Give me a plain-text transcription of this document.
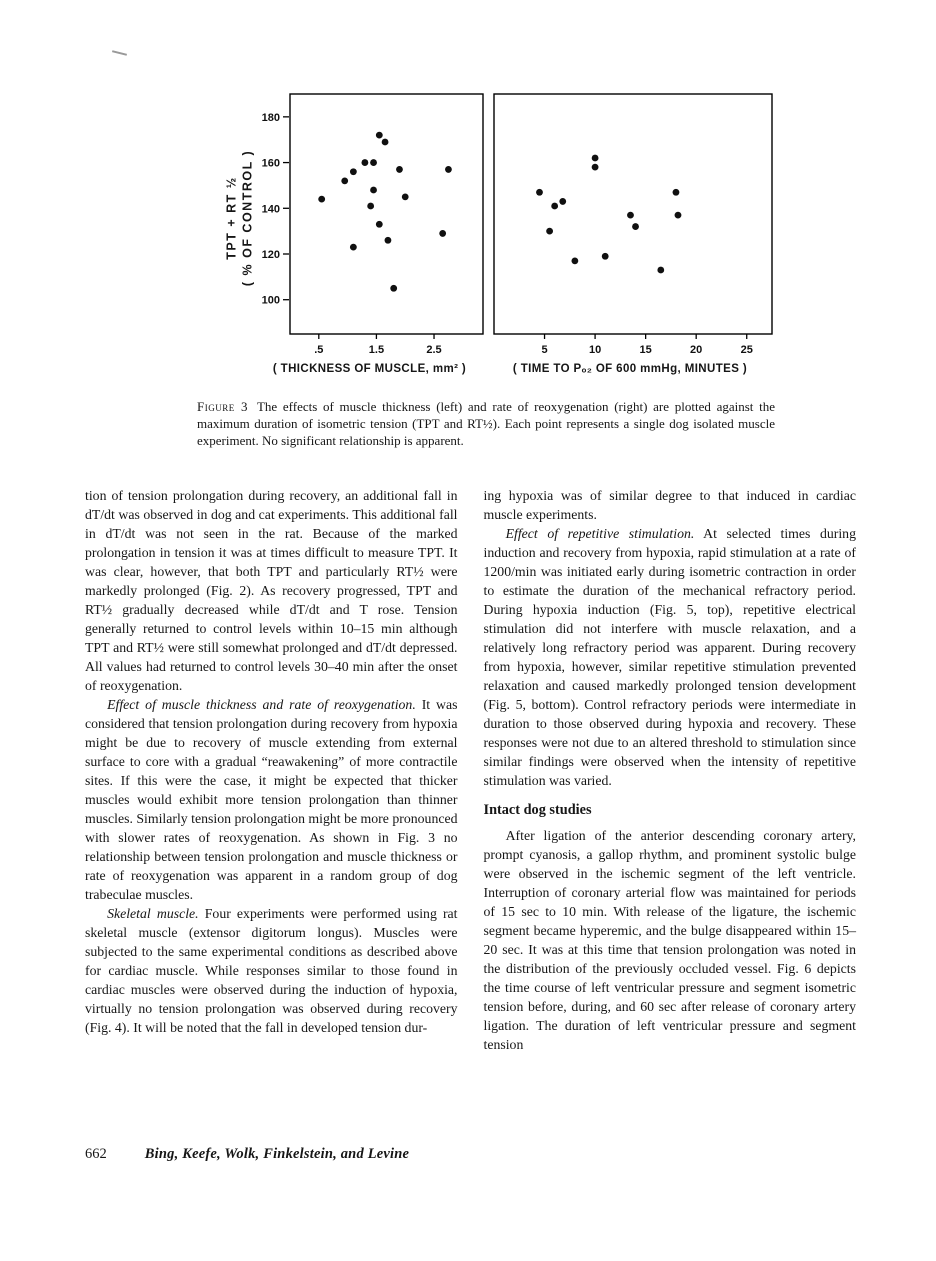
TPT + RT ½ ( % OF CONTROL )
100
120
140
160
180
.5	1.5	2.5	5	10	15	20	25
( THICKNESS OF MUSCLE, mm² )	( TIME TO Pₒ₂ OF 600 mmHg, MINUTES )

Figure 3 The effects of muscle thickness (left) and rate of reoxygenation (right) are plotted against the maximum duration of isometric tension (TPT and RT½). Each point represents a single dog isolated muscle experiment. No significant relationship is apparent.

tion of tension prolongation during recovery, an additional fall in dT/dt was observed in dog and cat experiments. This additional fall in dT/dt was not seen in the rat. Because of the marked prolongation in tension it was at times difficult to measure TPT. It was clear, however, that both TPT and particularly RT½ were markedly prolonged (Fig. 2). As recovery progressed, TPT and RT½ gradually decreased while dT/dt and T rose. Tension generally returned to control levels within 10–15 min although TPT and RT½ were still somewhat prolonged and dT/dt depressed. All values had returned to control levels 30–40 min after the onset of reoxygenation.

Effect of muscle thickness and rate of reoxygenation. It was considered that tension prolongation during recovery from hypoxia might be due to recovery of muscle extending from external surface to core with a gradual “reawakening” of more contractile sites. If this were the case, it might be expected that thicker muscles would exhibit more tension prolongation than thinner muscles. Similarly tension prolongation might be more pronounced with slower rates of reoxygenation. As shown in Fig. 3 no relationship between tension prolongation and muscle thickness or rate of reoxygenation was apparent in a random group of dog trabeculae muscles.

Skeletal muscle. Four experiments were performed using rat skeletal muscle (extensor digitorum longus). Muscles were subjected to the same experimental conditions as described above for cardiac muscle. While responses similar to those found in cardiac muscles were observed during the induction of hypoxia, virtually no tension prolongation was observed during recovery (Fig. 4). It will be noted that the fall in developed tension dur-

ing hypoxia was of similar degree to that induced in cardiac muscle experiments.

Effect of repetitive stimulation. At selected times during induction and recovery from hypoxia, rapid stimulation at a rate of 1200/min was initiated early during isometric contraction in order to estimate the duration of the mechanical refractory period. During hypoxia induction (Fig. 5, top), repetitive electrical stimulation did not interfere with muscle relaxation, and a relatively long refractory period was apparent. During recovery from hypoxia, however, similar repetitive stimulation prevented relaxation and caused markedly prolonged tension development (Fig. 5, bottom). Control refractory periods were intermediate in duration to those observed during hypoxia and recovery. These responses were not due to an altered threshold to stimulation since similar findings were observed when the intensity of repetitive stimulation was varied.

Intact dog studies

After ligation of the anterior descending coronary artery, prompt cyanosis, a gallop rhythm, and prominent systolic bulge were observed in the ischemic segment of the left ventricle. Interruption of coronary arterial flow was maintained for periods of 15 sec to 10 min. With release of the ligature, the ischemic segment became hyperemic, and the bulge disappeared within 15–20 sec. It was at this time that tension prolongation was noted in the distribution of the previously occluded vessel. Fig. 6 depicts the time course of left ventricular pressure and segment isometric tension before, during, and 60 sec after release of coronary artery ligation. The duration of left ventricular pressure and segment tension

662	Bing, Keefe, Wolk, Finkelstein, and Levine
